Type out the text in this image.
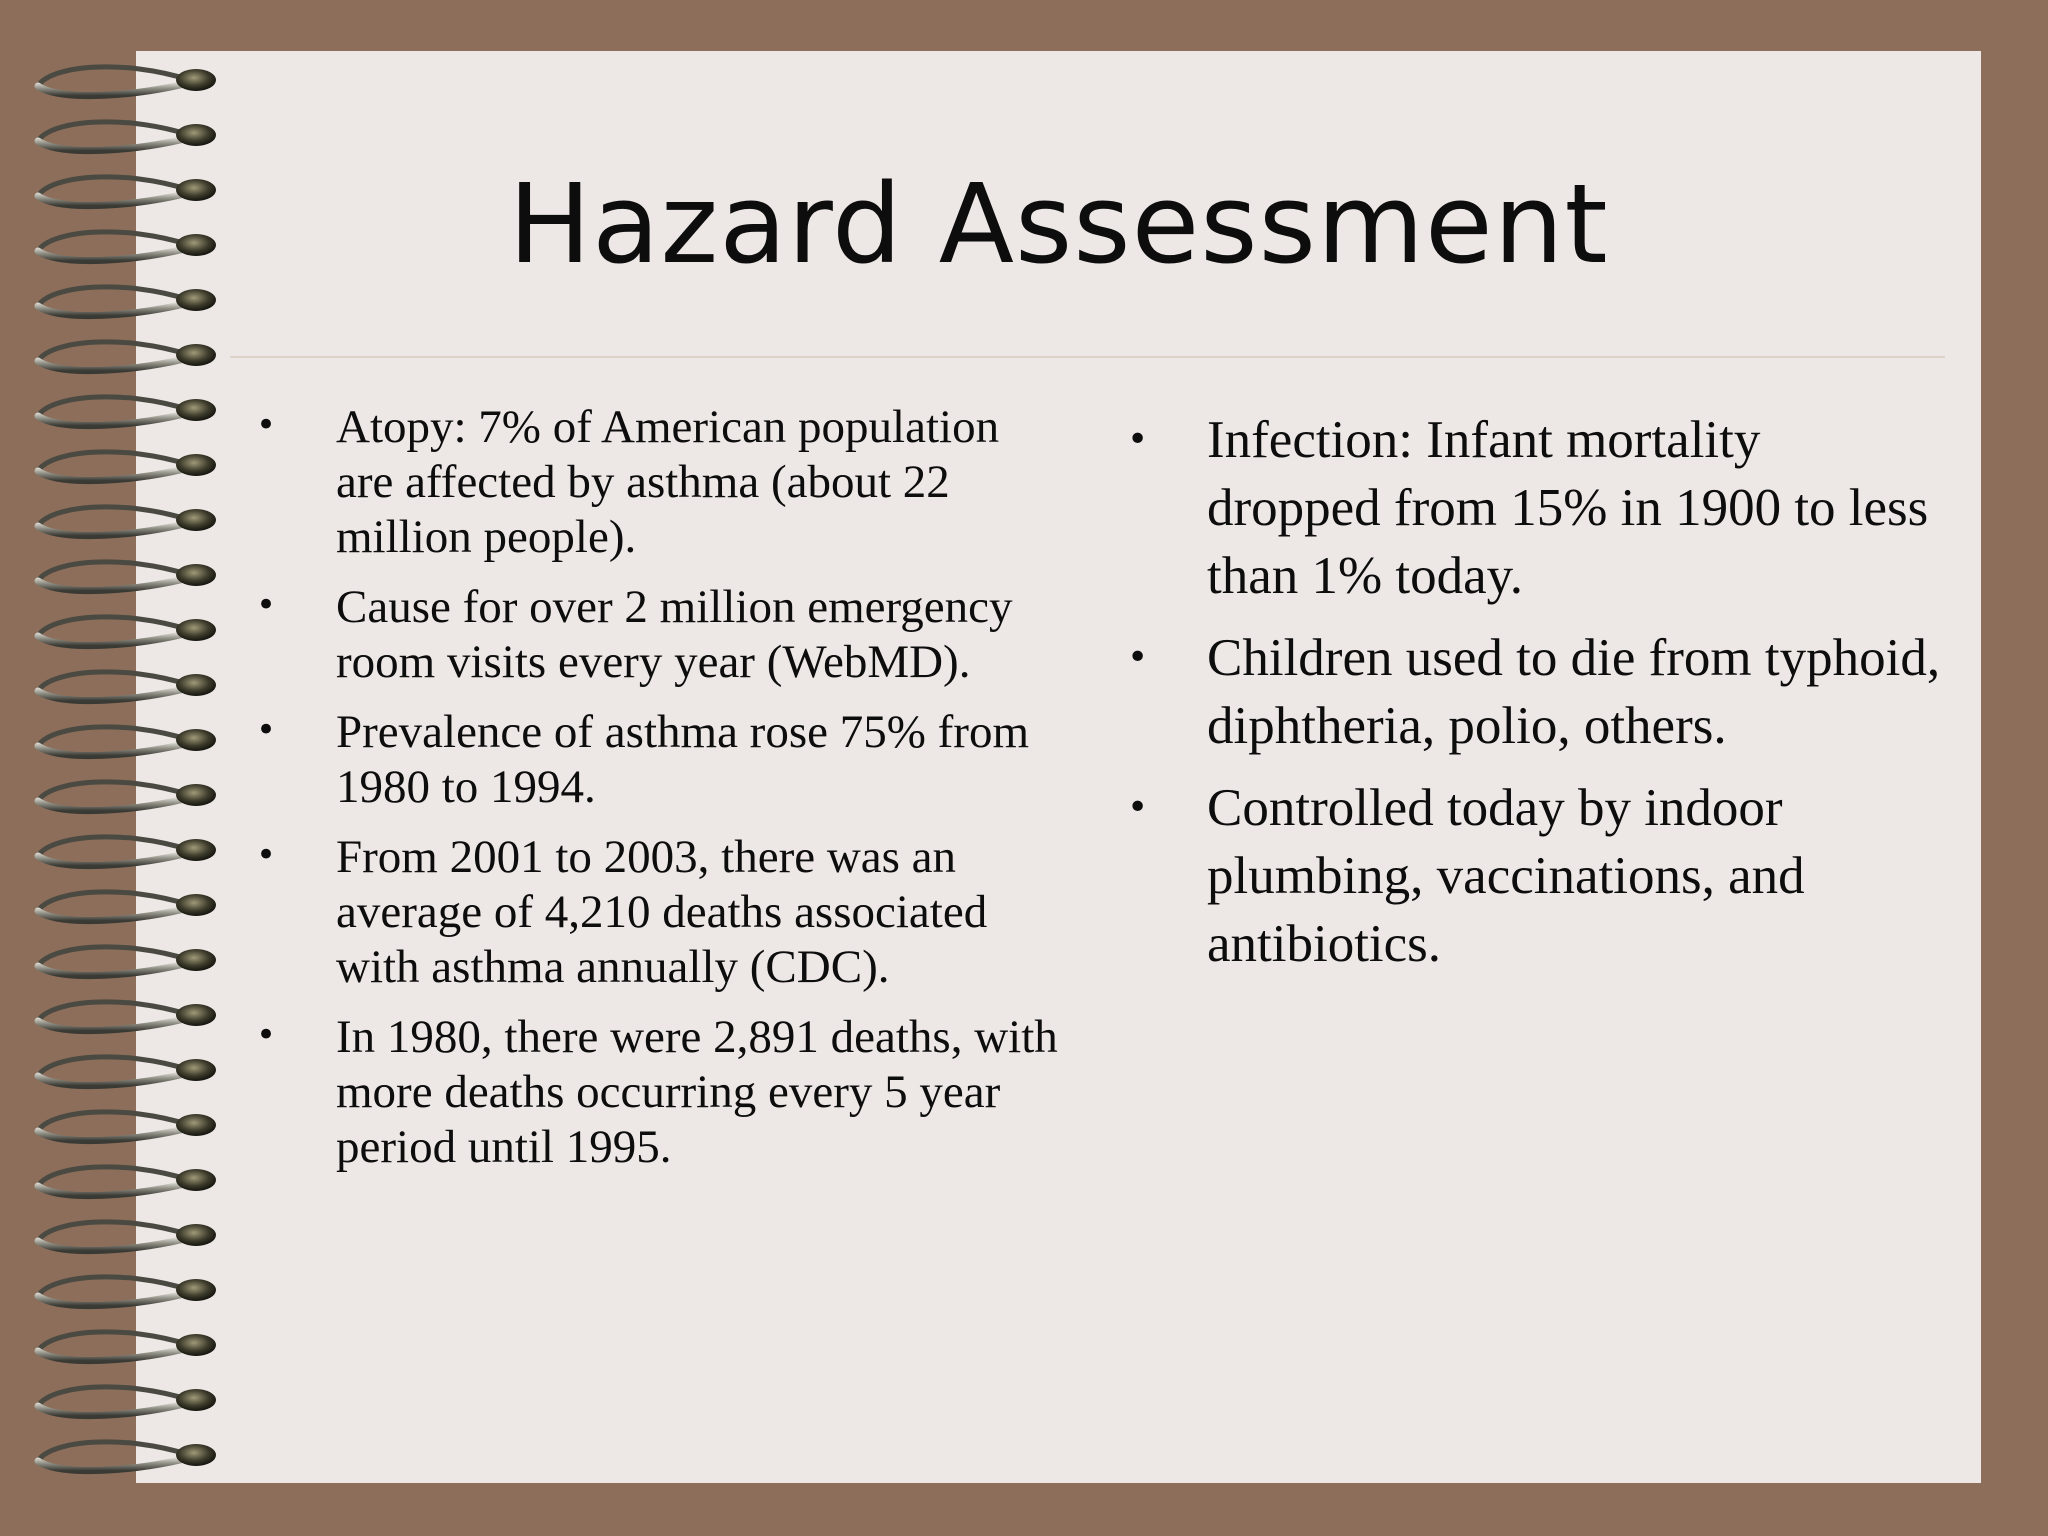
Hazard Assessment
• Atopy: 7% of American population are affected by asthma (about 22 million people).
• Cause for over 2 million emergency room visits every year (WebMD).
• Prevalence of asthma rose 75% from 1980 to 1994.
• From 2001 to 2003, there was an average of 4,210 deaths associated with asthma annually (CDC).
• In 1980, there were 2,891 deaths, with more deaths occurring every 5 year period until 1995.
• Infection: Infant mortality dropped from 15% in 1900 to less than 1% today.
• Children used to die from typhoid, diphtheria, polio, others.
• Controlled today by indoor plumbing, vaccinations, and antibiotics.
